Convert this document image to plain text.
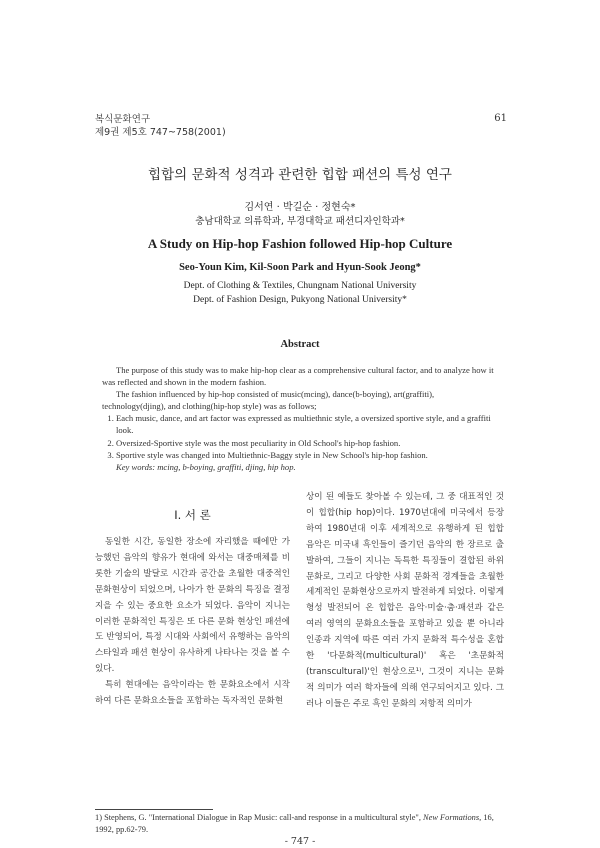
복식문화연구
제9권 제5호 747~758(2001)
61
힙합의 문화적 성격과 관련한 힙합 패션의 특성 연구
김서연 · 박길순 · 정현숙*
충남대학교 의류학과, 부경대학교 패션디자인학과*
A Study on Hip-hop Fashion followed Hip-hop Culture
Seo-Youn Kim, Kil-Soon Park and Hyun-Sook Jeong*
Dept. of Clothing & Textiles, Chungnam National University
Dept. of Fashion Design, Pukyong National University*
Abstract

The purpose of this study was to make hip-hop clear as a comprehensive cultural factor, and to analyze how it was reflected and shown in the modern fashion.

The fashion influenced by hip-hop consisted of music(mcing), dance(b-boying), art(graffiti), technology(djing), and clothing(hip-hop style) was as follows;

1. Each music, dance, and art factor was expressed as multiethnic style, a oversized sportive style, and a graffiti look.
2. Oversized-Sportive style was the most peculiarity in Old School's hip-hop fashion.
3. Sportive style was changed into Multiethnic-Baggy style in New School's hip-hop fashion.

Key words: mcing, b-boying, graffiti, djing, hip hop.

Ⅰ. 서 론

동일한 시간, 동일한 장소에 자리했을 때에만 가능했던 음악의 향유가 현대에 와서는 대중매체를 비롯한 기술의 발달로 시간과 공간을 초월한 대중적인 문화현상이 되었으며, 나아가 한 문화의 특징을 결정지을 수 있는 중요한 요소가 되었다. 음악이 지니는 이러한 문화적인 특징은 또 다른 문화 현상인 패션에도 반영되어, 특정 시대와 사회에서 유행하는 음악의 스타일과 패션 현상이 유사하게 나타나는 것을 볼 수 있다.

특히 현대에는 음악이라는 한 문화요소에서 시작하여 다른 문화요소들을 포함하는 독자적인 문화현

상이 된 예들도 찾아볼 수 있는데, 그 중 대표적인 것이 힙합(hip hop)이다. 1970년대에 미국에서 등장하여 1980년대 이후 세계적으로 유행하게 된 힙합 음악은 미국내 흑인들이 즐기던 음악의 한 장르로 출발하여, 그들이 지니는 독특한 특징들이 결합된 하위문화로, 그리고 다양한 사회 문화적 경계들을 초월한 세계적인 문화현상으로까지 발전하게 되었다. 이렇게 형성 발전되어 온 힙합은 음악·미술·춤·패션과 같은 여러 영역의 문화요소들을 포함하고 있을 뿐 아니라 인종과 지역에 따른 여러 가지 문화적 특수성을 혼합한 '다문화적(multicultural)' 혹은 '초문화적(transcultural)'인 현상으로¹⁾, 그것이 지니는 문화적 의미가 여러 학자들에 의해 연구되어지고 있다. 그러나 이들은 주로 흑인 문화의 저항적 의미가

1) Stephens, G. "International Dialogue in Rap Music: call-and response in a multicultural style", New Formations, 16, 1992, pp.62-79.
- 747 -
